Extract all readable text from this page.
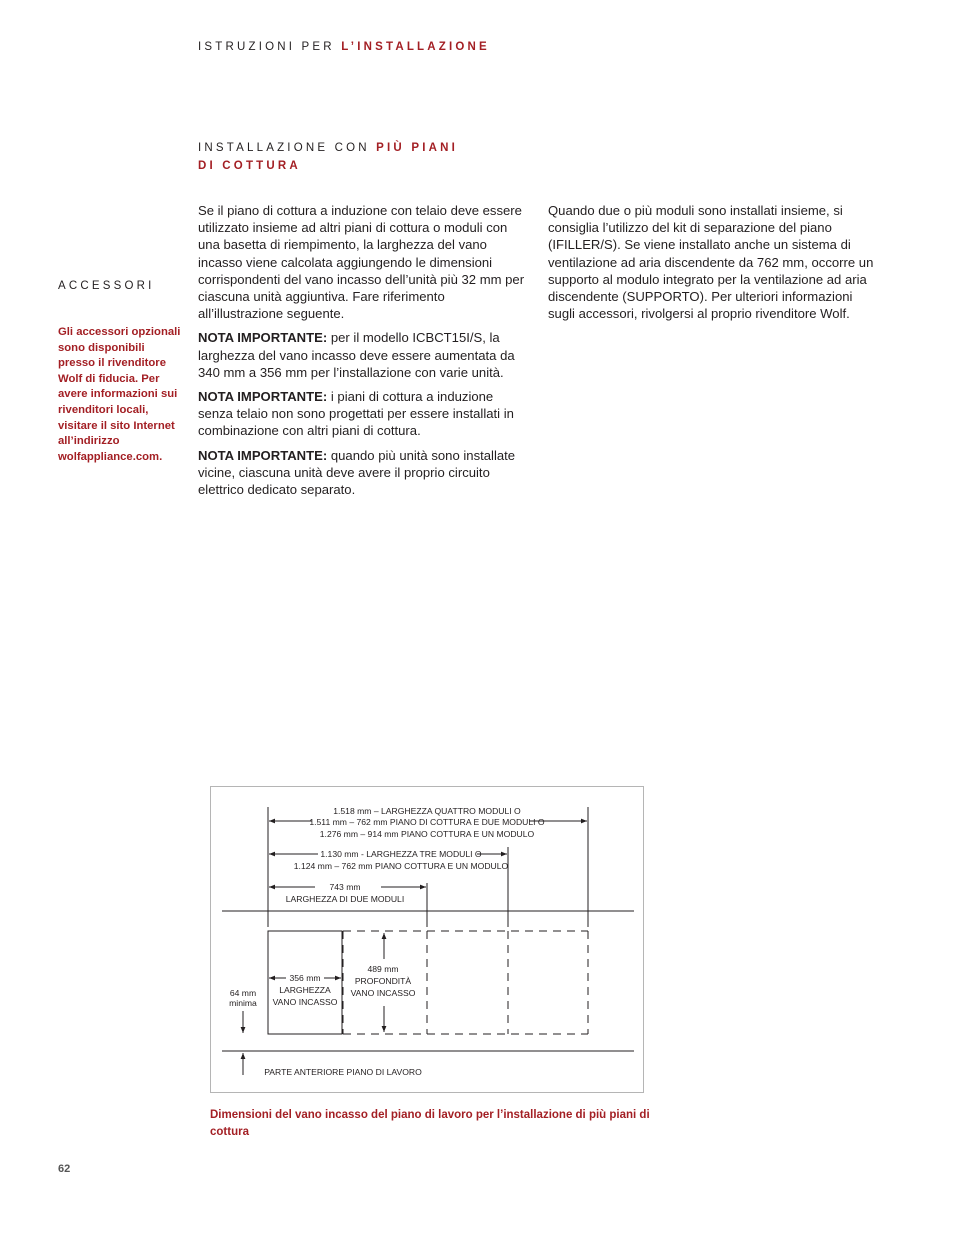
ISTRUZIONI PER L’INSTALLAZIONE
INSTALLAZIONE CON PIÙ PIANI
DI COTTURA
ACCESSORI
Gli accessori opzionali sono disponibili presso il rivenditore Wolf di fiducia. Per avere informazioni sui rivenditori locali, visitare il sito Internet all’indirizzo wolfappliance.com.

Se il piano di cottura a induzione con telaio deve essere utilizzato insieme ad altri piani di cottura o moduli con una basetta di riempimento, la larghezza del vano incasso viene calcolata aggiungendo le dimensioni corrispondenti del vano incasso dell’unità più 32 mm per ciascuna unità aggiuntiva. Fare riferimento all’illustrazione seguente.

NOTA IMPORTANTE: per il modello ICBCT15I/S, la larghezza del vano incasso deve essere aumentata da 340 mm a 356 mm per l’installazione con varie unità.

NOTA IMPORTANTE: i piani di cottura a induzione senza telaio non sono progettati per essere installati in combinazione con altri piani di cottura.

NOTA IMPORTANTE: quando più unità sono installate vicine, ciascuna unità deve avere il proprio circuito elettrico dedicato separato.

Quando due o più moduli sono installati insieme, si consiglia l’utilizzo del kit di separazione del piano (IFILLER/S). Se viene installato anche un sistema di ventilazione ad aria discendente da 762 mm, occorre un supporto al modulo integrato per la ventilazione ad aria discendente (SUPPORTO). Per ulteriori informazioni sugli accessori, rivolgersi al proprio rivenditore Wolf.

1.518 mm – LARGHEZZA QUATTRO MODULI O
1.511 mm – 762 mm PIANO DI COTTURA E DUE MODULI O
1.276 mm – 914 mm PIANO COTTURA E UN MODULO
1.130 mm - LARGHEZZA TRE MODULI O
1.124 mm – 762 mm PIANO COTTURA E UN MODULO
743 mm
LARGHEZZA DI DUE MODULI
64 mm
minima
356 mm
LARGHEZZA
VANO INCASSO
489 mm
PROFONDITÀ
VANO INCASSO
PARTE ANTERIORE PIANO DI LAVORO
Dimensioni del vano incasso del piano di lavoro per l’installazione di più piani di cottura
62
